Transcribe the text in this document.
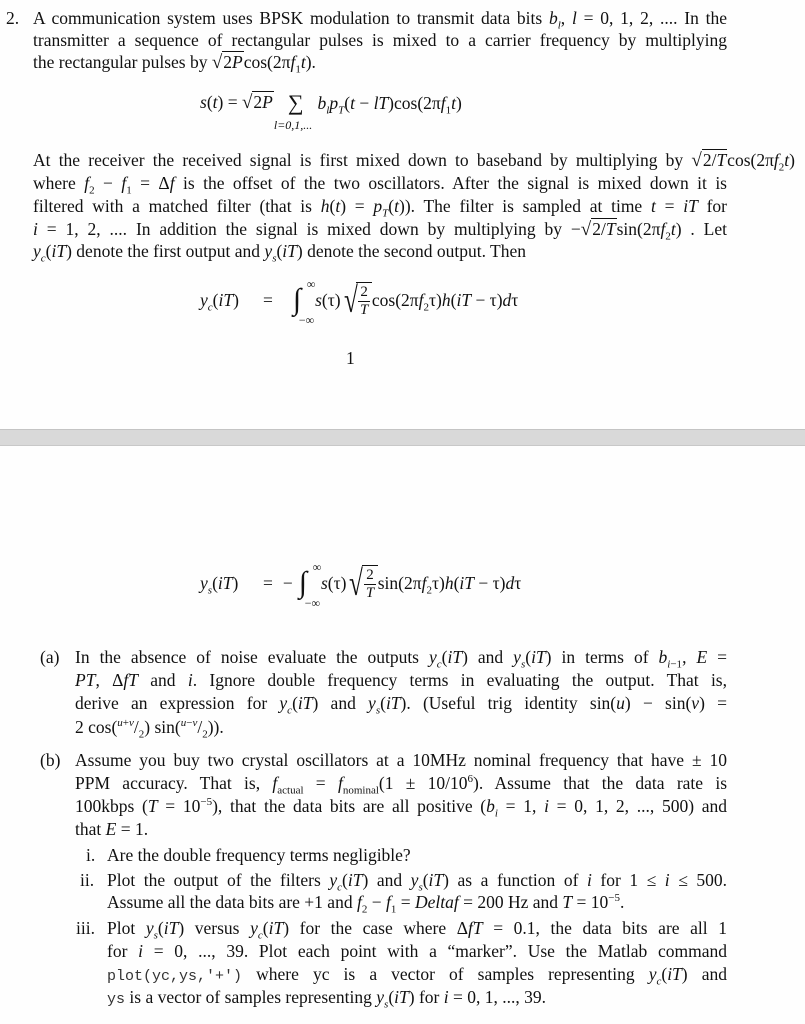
2. A communication system uses BPSK modulation to transmit data bits $b_l$, l = 0, 1, 2, .... In the
transmitter a sequence of rectangular pulses is mixed to a carrier frequency by multiplying
the rectangular pulses by $√2Pcos(2\pi f_1t)$.
s(t) = √2P ∑
l=0,1,...
$b_lp_T(t - lT)\cos(2\pi f_1t)$
At the receiver the received signal is first mixed down to baseband by multiplying by $√2/Tcos(2\pi f_2t)$
where $f_2 - f_1 = \Delta f$ is the offset of the two oscillators. After the signal is mixed down it is
filtered with a matched filter (that is $h(t) = p_T(t)$). The filter is sampled at time t = iT for
i = 1, 2, .... In addition the signal is mixed down by multiplying by $-√2/Tsin(2\pi f_2t)$ . Let
$y_c(iT)$ denote the first output and $y_s(iT)$ denote the second output. Then
$y_c(iT)$	= ∫ ∞
−∞
s(τ) √ $\frac{2}{T} \cos(2\pi f_2\tau)h(iT - \tau)d\tau$
1
$y_s(iT)$	= − ∫ ∞
−∞
s(τ) √ $\frac{2}{T} \sin(2\pi f_2\tau)h(iT - \tau)d\tau$
(a) In the absence of noise evaluate the outputs $y_c(iT)$ and $y_s(iT)$ in terms of $b_{i-1}$, E =
PT, ΔfT and i. Ignore double frequency terms in evaluating the output. That is,
derive an expression for $y_c(iT)$ and $y_s(iT)$. (Useful trig identity sin(u) − sin(v) =
2 $\cos(^{u+v}/_2)$ $\sin(^{u-v}/_2)$).
(b) Assume you buy two crystal oscillators at a 10MHz nominal frequency that have ± 10
PPM accuracy. That is, $f_{actual} = f_{nominal}(1 \pm 10/10^6)$. Assume that the data rate is
100kbps $(T = 10^{-5})$, that the data bits are all positive ($b_i = 1$, i = 0, 1, 2, ..., 500) and
that E = 1.
i. Are the double frequency terms negligible?
ii. Plot the output of the filters $y_c(iT)$ and $y_s(iT)$ as a function of i for 1 ≤ i ≤ 500.
Assume all the data bits are +1 and $f_2 - f_1$ = Deltaf = 200 Hz and $T = 10^{-5}$.
iii. Plot $y_s(iT)$ versus $y_c(iT)$ for the case where ΔfT = 0.1, the data bits are all 1
for i = 0, ..., 39. Plot each point with a “marker”. Use the Matlab command
plot(yc,ys,'+') where yc is a vector of samples representing $y_c(iT)$ and
ys is a vector of samples representing $y_s(iT)$ for i = 0, 1, ..., 39.
